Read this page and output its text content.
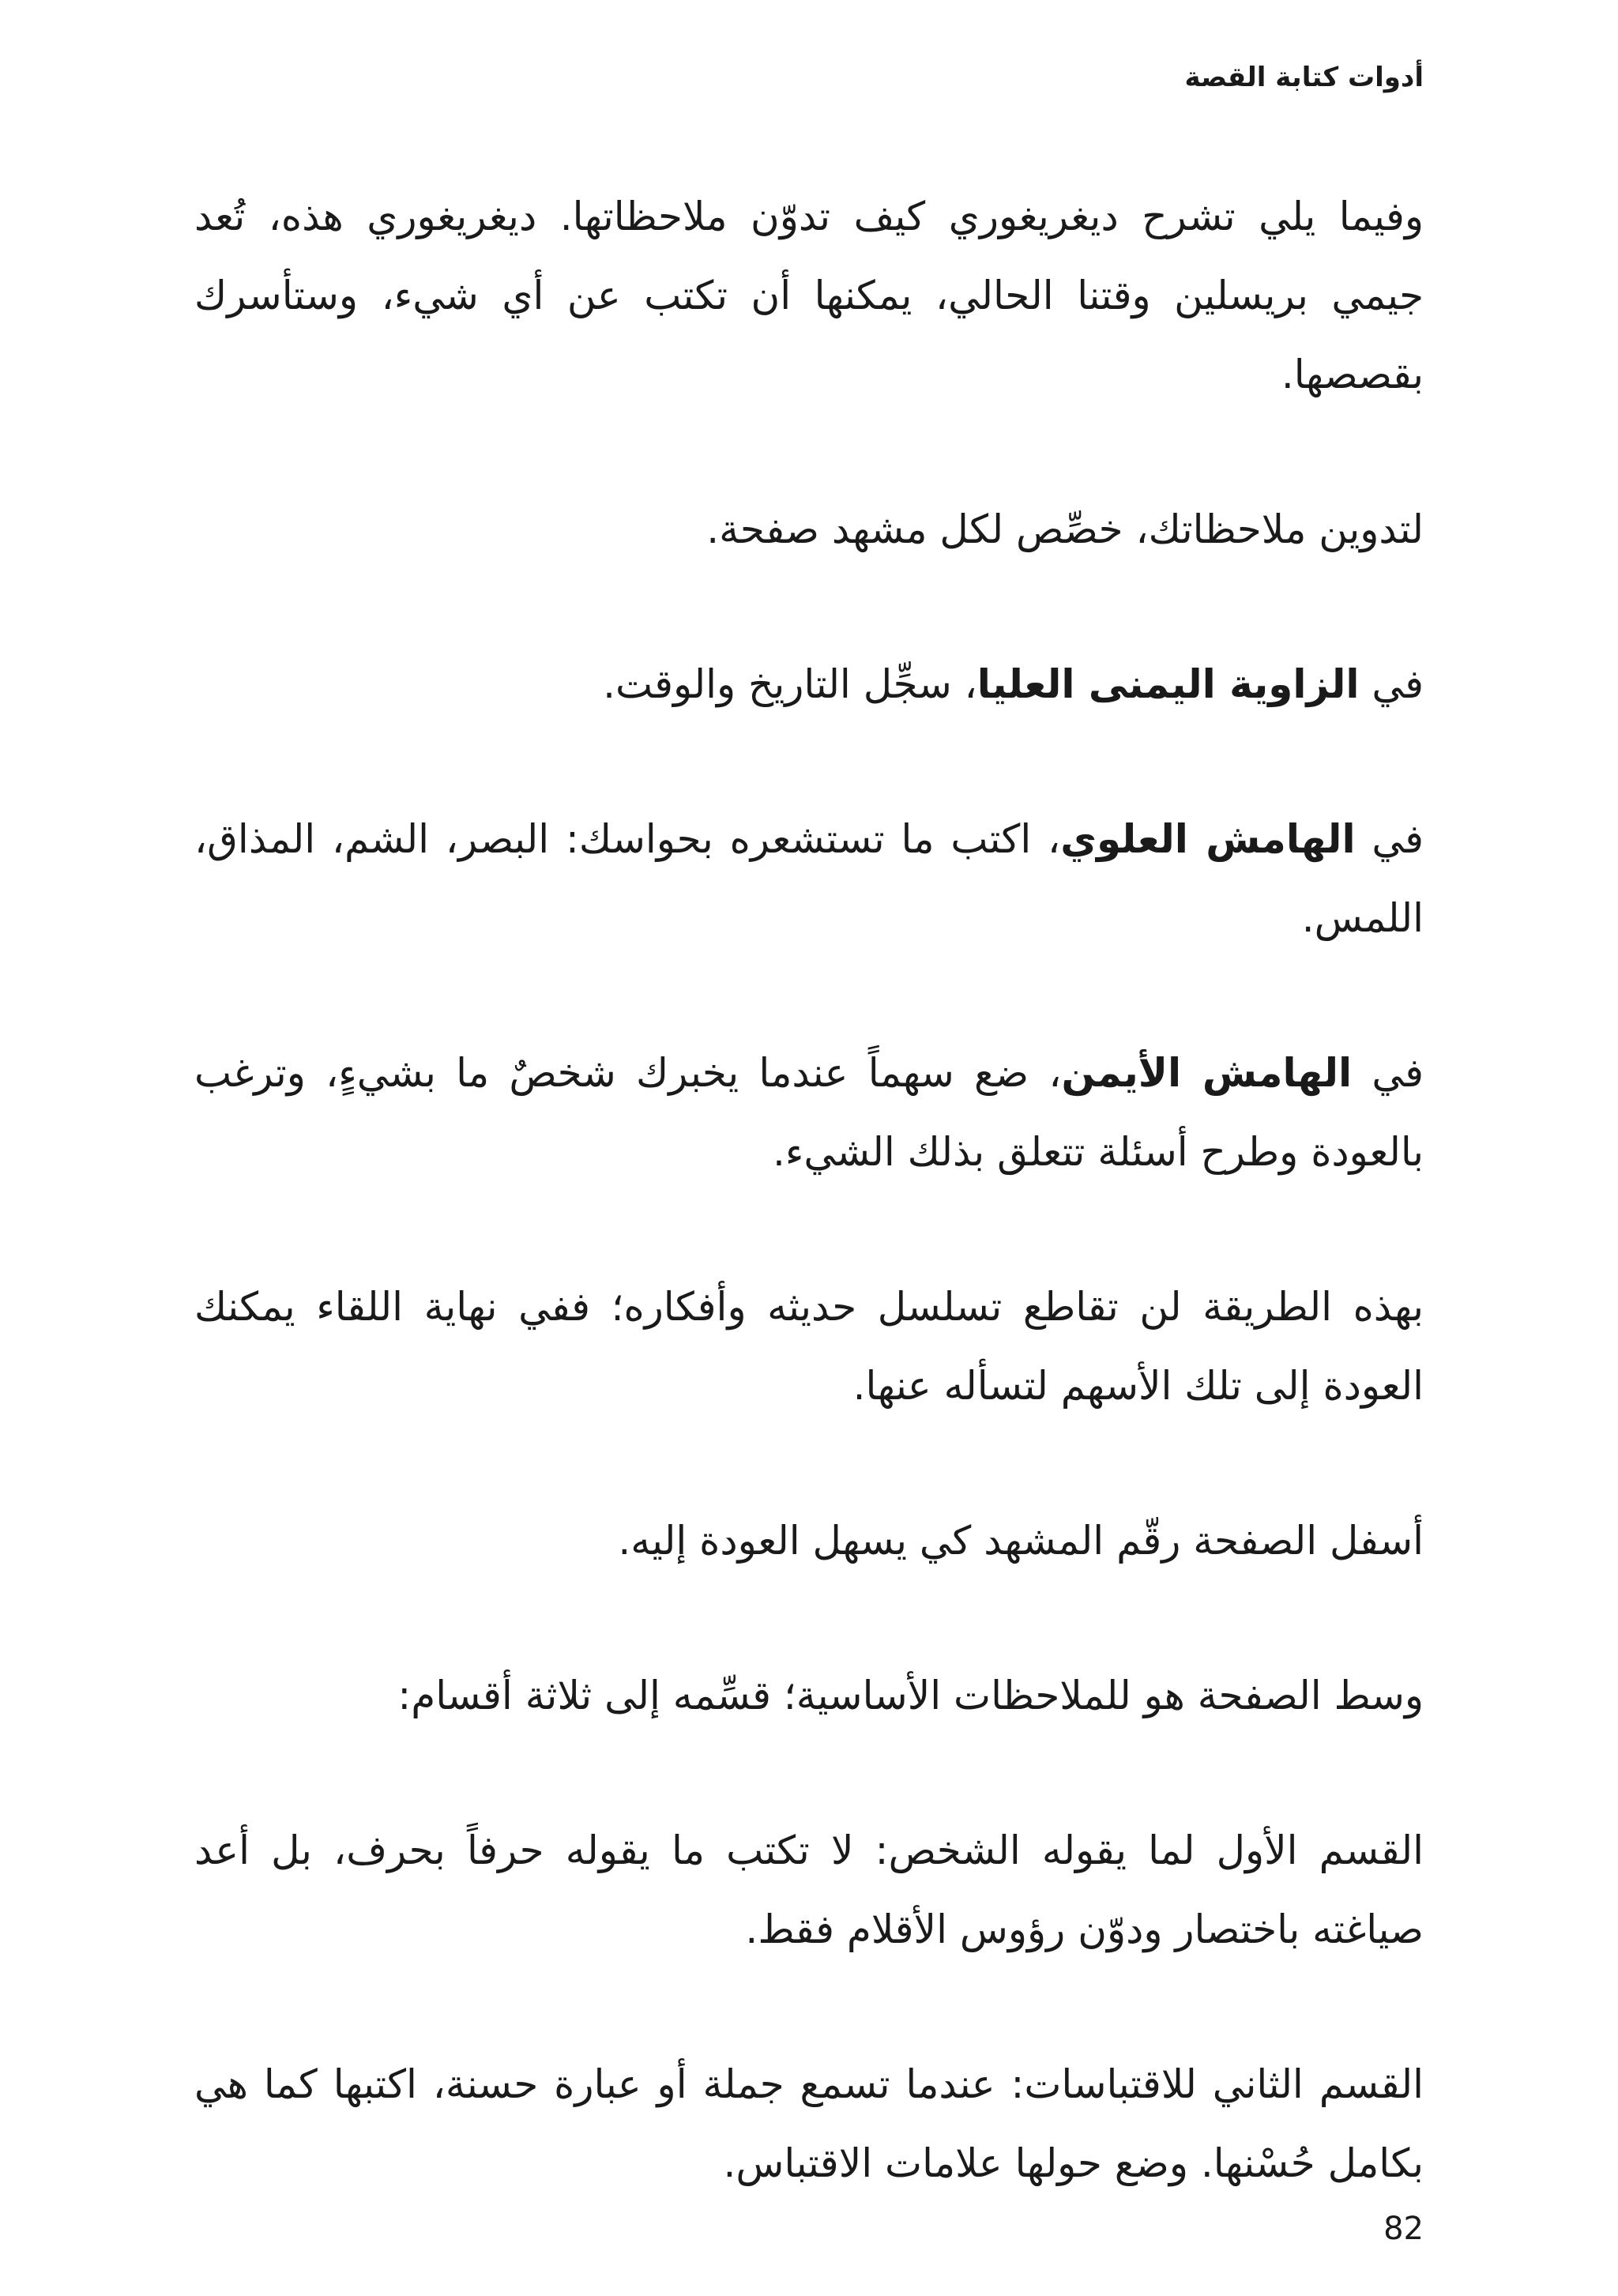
أدوات كتابة القصة

وفيما يلي تشرح ديغريغوري كيف تدوّن ملاحظاتها. ديغريغوري هذه، تُعد جيمي بريسلين وقتنا الحالي، يمكنها أن تكتب عن أي شيء، وستأسرك بقصصها.

لتدوين ملاحظاتك، خصِّص لكل مشهد صفحة.

في الزاوية اليمنى العليا، سجِّل التاريخ والوقت.

في الهامش العلوي، اكتب ما تستشعره بحواسك: البصر، الشم، المذاق، اللمس.

في الهامش الأيمن، ضع سهماً عندما يخبرك شخصٌ ما بشيءٍ، وترغب بالعودة وطرح أسئلة تتعلق بذلك الشيء.

بهذه الطريقة لن تقاطع تسلسل حديثه وأفكاره؛ ففي نهاية اللقاء يمكنك العودة إلى تلك الأسهم لتسأله عنها.

أسفل الصفحة رقّم المشهد كي يسهل العودة إليه.

وسط الصفحة هو للملاحظات الأساسية؛ قسِّمه إلى ثلاثة أقسام:

القسم الأول لما يقوله الشخص: لا تكتب ما يقوله حرفاً بحرف، بل أعد صياغته باختصار ودوّن رؤوس الأقلام فقط.

القسم الثاني للاقتباسات: عندما تسمع جملة أو عبارة حسنة، اكتبها كما هي بكامل حُسْنها. وضع حولها علامات الاقتباس.

82
